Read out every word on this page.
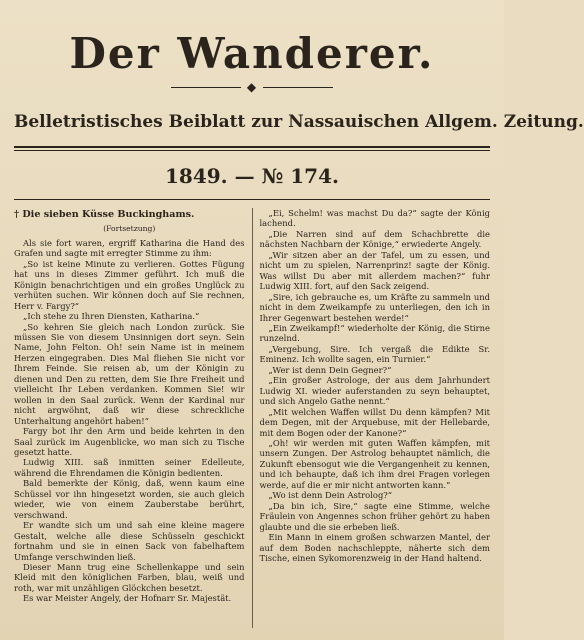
Der Wanderer.
◆
Belletristisches Beiblatt zur Nassauischen Allgem. Zeitung.
1849. — № 174.
† Die sieben Küsse Buckinghams.
(Fortsetzung)

Als sie fort waren, ergriff Katharina die Hand des Grafen und sagte mit erregter Stimme zu ihm:

„So ist keine Minute zu verlieren. Gottes Fügung hat uns in dieses Zimmer geführt. Ich muß die Königin benachrichtigen und ein großes Unglück zu verhüten suchen. Wir können doch auf Sie rechnen, Herr v. Fargy?“

„Ich stehe zu Ihren Diensten, Katharina.“

„So kehren Sie gleich nach London zurück. Sie müssen Sie von diesem Unsinnigen dort seyn. Sein Name, John Felton. Oh! sein Name ist in meinem Herzen eingegraben. Dies Mal fliehen Sie nicht vor Ihrem Feinde. Sie reisen ab, um der Königin zu dienen und Den zu retten, dem Sie Ihre Freiheit und vielleicht Ihr Leben verdanken. Kommen Sie! wir wollen in den Saal zurück. Wenn der Kardinal nur nicht argwöhnt, daß wir diese schreckliche Unterhaltung angehört haben!“

Fargy bot ihr den Arm und beide kehrten in den Saal zurück im Augenblicke, wo man sich zu Tische gesetzt hatte.

Ludwig XIII. saß inmitten seiner Edelleute, während die Ehrendamen die Königin bedienten.

Bald bemerkte der König, daß, wenn kaum eine Schüssel vor ihn hingesetzt worden, sie auch gleich wieder, wie von einem Zauberstabe berührt, verschwand.

Er wandte sich um und sah eine kleine magere Gestalt, welche alle diese Schüsseln geschickt fortnahm und sie in einen Sack von fabelhaftem Umfange verschwinden ließ.

Dieser Mann trug eine Schellenkappe und sein Kleid mit den königlichen Farben, blau, weiß und roth, war mit unzähligen Glöckchen besetzt.

Es war Meister Angely, der Hofnarr Sr. Majestät.

„Ei, Schelm! was machst Du da?“ sagte der König lachend.

„Die Narren sind auf dem Schachbrette die nächsten Nachbarn der Könige,“ erwiederte Angely.

„Wir sitzen aber an der Tafel, um zu essen, und nicht um zu spielen, Narrenprinz! sagte der König. Was willst Du aber mit allerdem machen?“ fuhr Ludwig XIII. fort, auf den Sack zeigend.

„Sire, ich gebrauche es, um Kräfte zu sammeln und nicht in dem Zweikampfe zu unterliegen, den ich in Ihrer Gegenwart bestehen werde!“

„Ein Zweikampf!“ wiederholte der König, die Stirne runzelnd.

„Vergebung, Sire. Ich vergaß die Edikte Sr. Eminenz. Ich wollte sagen, ein Turnier.“

„Wer ist denn Dein Gegner?“

„Ein großer Astrologe, der aus dem Jahrhundert Ludwig XI. wieder auferstanden zu seyn behauptet, und sich Angelo Gathe nennt.“

„Mit welchen Waffen willst Du denn kämpfen? Mit dem Degen, mit der Arquebuse, mit der Hellebarde, mit dem Bogen oder der Kanone?“

„Oh! wir werden mit guten Waffen kämpfen, mit unsern Zungen. Der Astrolog behauptet nämlich, die Zukunft ebensogut wie die Vergangenheit zu kennen, und ich behaupte, daß ich ihm drei Fragen vorlegen werde, auf die er mir nicht antworten kann.“

„Wo ist denn Dein Astrolog?“

„Da bin ich, Sire,“ sagte eine Stimme, welche Fräulein von Angennes schon früher gehört zu haben glaubte und die sie erbeben ließ.

Ein Mann in einem großen schwarzen Mantel, der auf dem Boden nachschleppte, näherte sich dem Tische, einen Sykomorenzweig in der Hand haltend.
